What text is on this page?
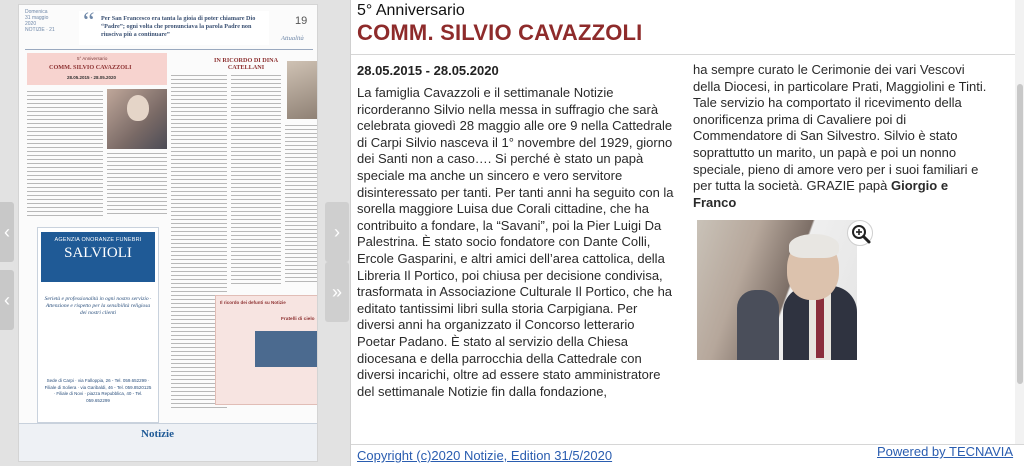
‹
‹
›
»
Domenica
31 maggio
2020
NOTIZIE · 21 “ Per San Francesco era tanta la gioia di poter chiamare Dio “Padre”; ogni volta che pronunciava la parola Padre non riusciva più a continuare”
19
Attualità
5° Anniversario
COMM. SILVIO CAVAZZOLI
28.05.2015 - 28.05.2020
IN RICORDO DI DINA CATELLANI
AGENZIA ONORANZE FUNEBRI
SALVIOLI
Serietà e professionalità in ogni nostro servizio · Attenzione e rispetto per la sensibilità religiosa dei nostri clienti
Sede di Carpi · via Falloppia, 26 - Tel. 059.652299 · Filiale di Soliera · via Garibaldi, 46 - Tel. 059.8520125 · Filiale di Novi · piazza Repubblica, 40 - Tel. 059.652299
Il ricordo dei defunti su Notizie
Fratelli di cielo
Notizie
5° Anniversario
COMM. SILVIO CAVAZZOLI
28.05.2015 - 28.05.2020
La famiglia Cavazzoli e il settimanale Notizie ricorderanno Silvio nella messa in suffragio che sarà celebrata giovedì 28 maggio alle ore 9 nella Cattedrale di Carpi Silvio nasceva il 1° novembre del 1929, giorno dei Santi non a caso…. Si perché è stato un papà speciale ma anche un sincero e vero servitore disinteressato per tanti. Per tanti anni ha seguito con la sorella maggiore Luisa due Corali cittadine, che ha contribuito a fondare, la “Savani”, poi la Pier Luigi Da Palestrina. È stato socio fondatore con Dante Colli, Ercole Gasparini, e altri amici dell’area cattolica, della Libreria Il Portico, poi chiusa per decisione condivisa, trasformata in Associazione Culturale Il Portico, che ha editato tantissimi libri sulla storia Carpigiana. Per diversi anni ha organizzato il Concorso letterario Poetar Padano. È stato al servizio della Chiesa diocesana e della parrocchia della Cattedrale con diversi incarichi, oltre ad essere stato amministratore del settimanale Notizie fin dalla fondazione,
ha sempre curato le Cerimonie dei vari Vescovi della Diocesi, in particolare Prati, Maggiolini e Tinti. Tale servizio ha comportato il ricevimento della onorificenza prima di Cavaliere poi di Commendatore di San Silvestro. Silvio è stato soprattutto un marito, un papà e poi un nonno speciale, pieno di amore vero per i suoi familiari e per tutta la società. GRAZIE papà Giorgio e Franco
Copyright (c)2020 Notizie, Edition 31/5/2020	Powered by TECNAVIA
